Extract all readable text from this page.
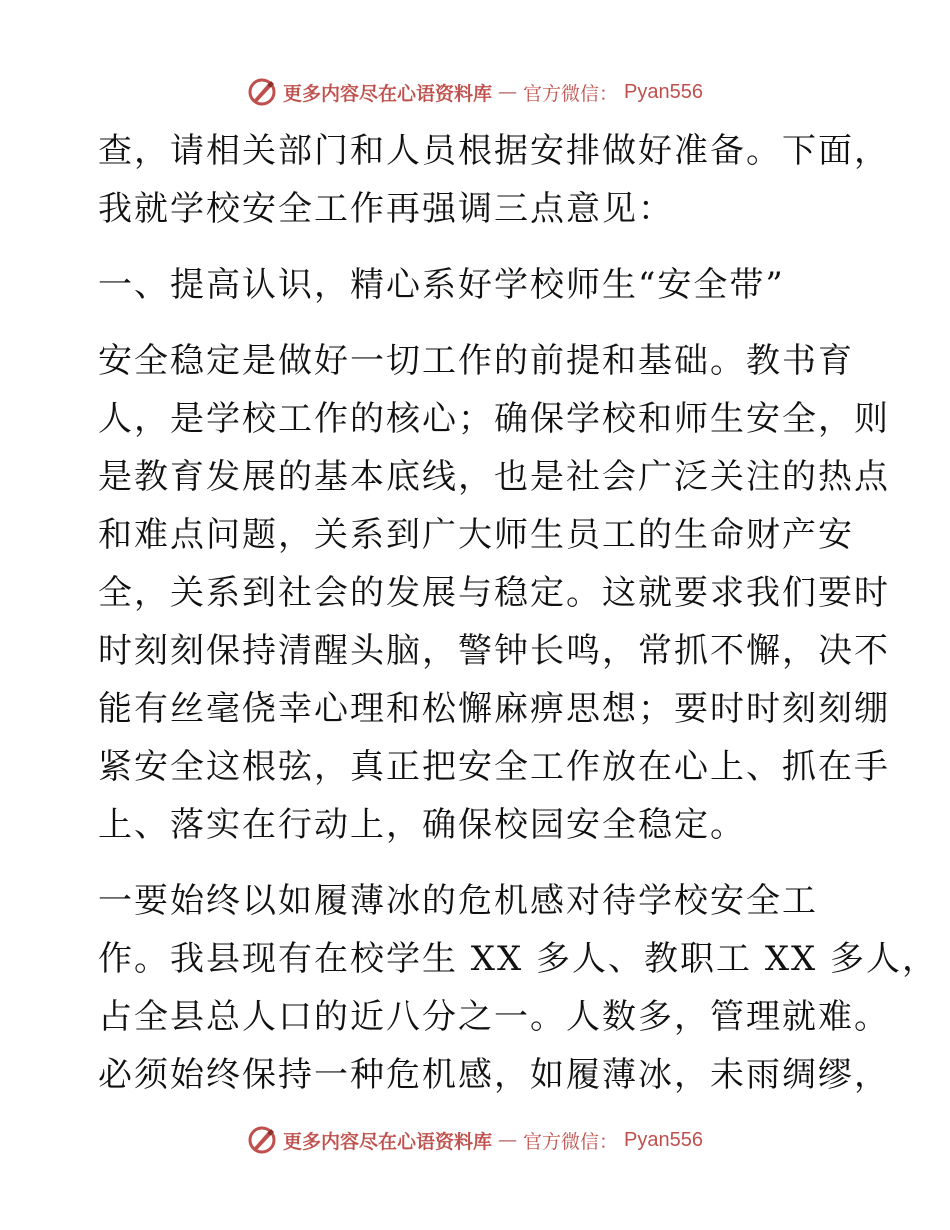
更多内容尽在心语资料库 — 官方微信： Pyan556
查，请相关部门和人员根据安排做好准备。下面，
我就学校安全工作再强调三点意见：
一、提高认识，精心系好学校师生“安全带”
安全稳定是做好一切工作的前提和基础。教书育
人，是学校工作的核心；确保学校和师生安全，则
是教育发展的基本底线，也是社会广泛关注的热点
和难点问题，关系到广大师生员工的生命财产安
全，关系到社会的发展与稳定。这就要求我们要时
时刻刻保持清醒头脑，警钟长鸣，常抓不懈，决不
能有丝毫侥幸心理和松懈麻痹思想；要时时刻刻绷
紧安全这根弦，真正把安全工作放在心上、抓在手
上、落实在行动上，确保校园安全稳定。
一要始终以如履薄冰的危机感对待学校安全工
作。我县现有在校学生 XX 多人、教职工 XX 多人，
占全县总人口的近八分之一。人数多，管理就难。
必须始终保持一种危机感，如履薄冰，未雨绸缪，
更多内容尽在心语资料库 — 官方微信： Pyan556
